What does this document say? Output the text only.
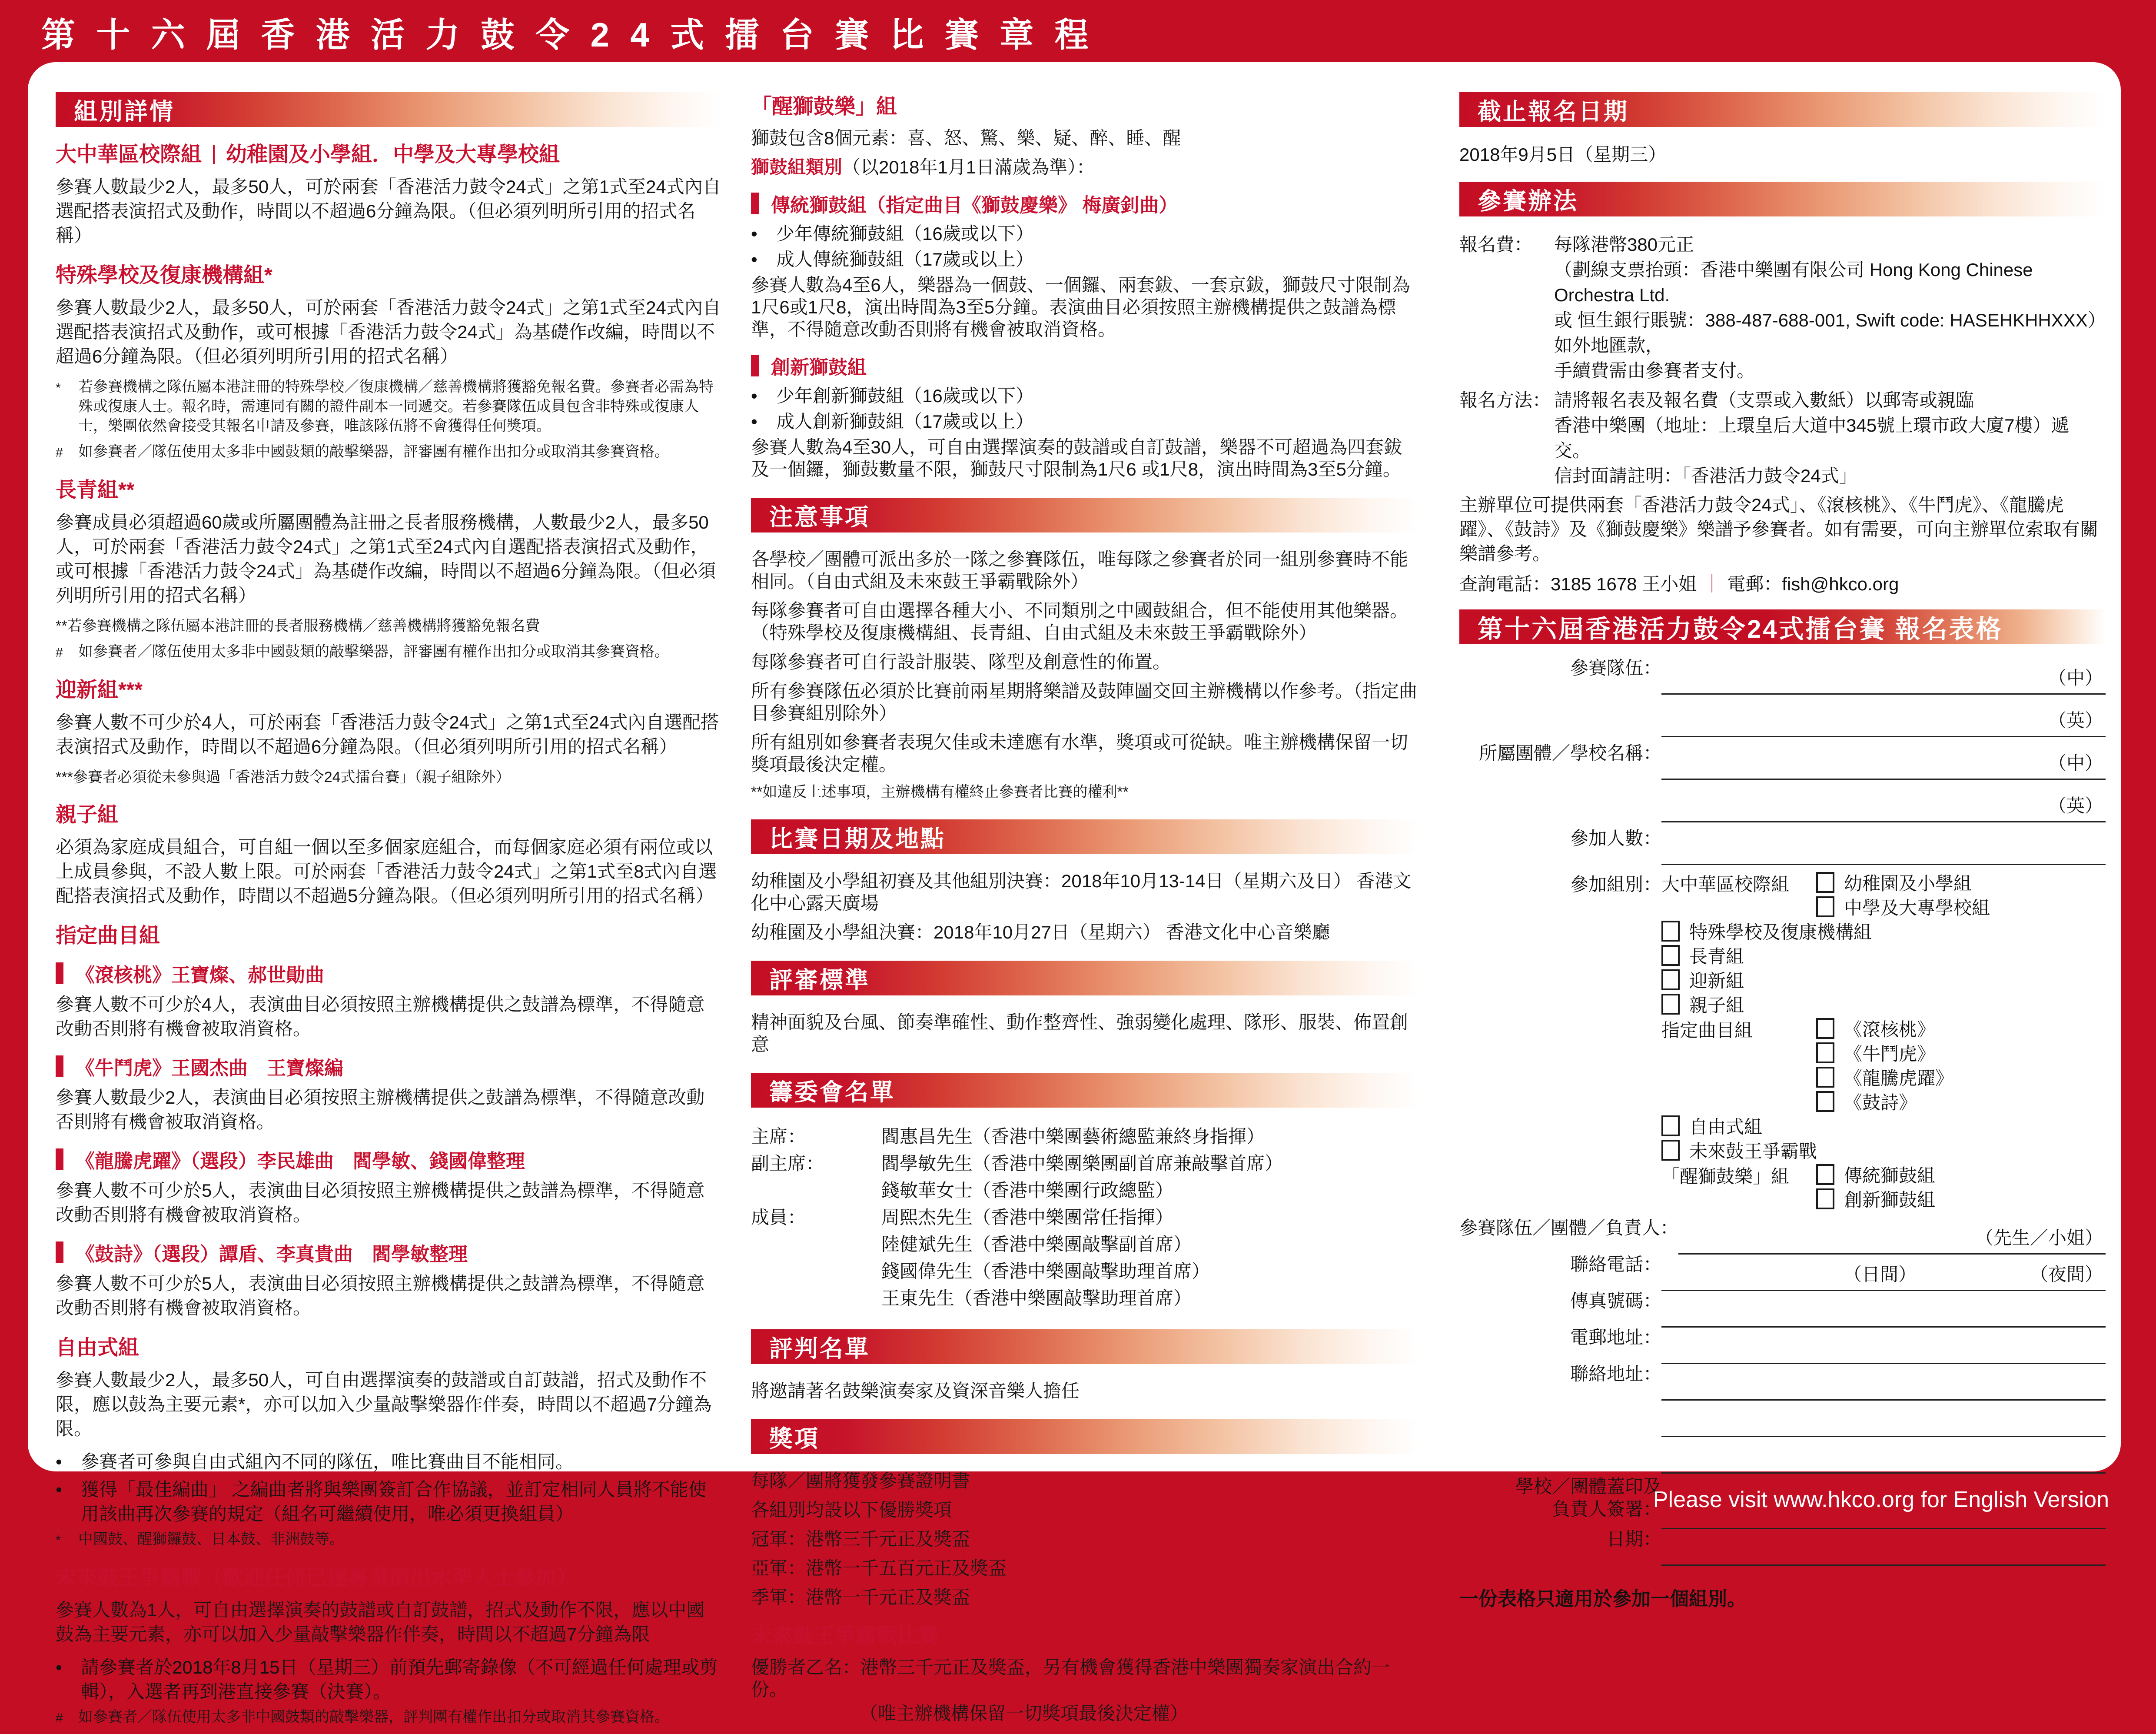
第十六屆香港活力鼓令24式擂台賽比賽章程
組別詳情
大中華區校際組 幼稚園及小學組．中學及大專學校組

參賽人數最少2人，最多50人，可於兩套「香港活力鼓令24式」之第1式至24式內自選配搭表演招式及動作，時間以不超過6分鐘為限。（但必須列明所引用的招式名稱）

特殊學校及復康機構組*

參賽人數最少2人，最多50人，可於兩套「香港活力鼓令24式」之第1式至24式內自選配搭表演招式及動作，或可根據「香港活力鼓令24式」為基礎作改編，時間以不超過6分鐘為限。（但必須列明所引用的招式名稱）

*	若參賽機構之隊伍屬本港註冊的特殊學校／復康機構／慈善機構將獲豁免報名費。參賽者必需為特殊或復康人士。報名時，需連同有關的證件副本一同遞交。若參賽隊伍成員包含非特殊或復康人士，樂團依然會接受其報名申請及參賽，唯該隊伍將不會獲得任何獎項。
#	如參賽者／隊伍使用太多非中國鼓類的敲擊樂器，評審團有權作出扣分或取消其參賽資格。
長青組**

參賽成員必須超過60歲或所屬團體為註冊之長者服務機構，人數最少2人，最多50人，可於兩套「香港活力鼓令24式」之第1式至24式內自選配搭表演招式及動作，或可根據「香港活力鼓令24式」為基礎作改編，時間以不超過6分鐘為限。（但必須列明所引用的招式名稱）

**若參賽機構之隊伍屬本港註冊的長者服務機構／慈善機構將獲豁免報名費
#	如參賽者／隊伍使用太多非中國鼓類的敲擊樂器，評審團有權作出扣分或取消其參賽資格。
迎新組***

參賽人數不可少於4人，可於兩套「香港活力鼓令24式」之第1式至24式內自選配搭表演招式及動作，時間以不超過6分鐘為限。（但必須列明所引用的招式名稱）

***參賽者必須從未參與過「香港活力鼓令24式擂台賽」（親子組除外）
親子組

必須為家庭成員組合，可自組一個以至多個家庭組合，而每個家庭必須有兩位或以上成員參與，不設人數上限。可於兩套「香港活力鼓令24式」之第1式至8式內自選配搭表演招式及動作，時間以不超過5分鐘為限。（但必須列明所引用的招式名稱）

指定曲目組
《滾核桃》王寶燦、郝世勛曲

參賽人數不可少於4人，表演曲目必須按照主辦機構提供之鼓譜為標準，不得隨意改動否則將有機會被取消資格。

《牛鬥虎》王國杰曲　王寶燦編

參賽人數最少2人，表演曲目必須按照主辦機構提供之鼓譜為標準，不得隨意改動否則將有機會被取消資格。

《龍騰虎躍》（選段）李民雄曲　閻學敏、錢國偉整理

參賽人數不可少於5人，表演曲目必須按照主辦機構提供之鼓譜為標準，不得隨意改動否則將有機會被取消資格。

《鼓詩》（選段）譚盾、李真貴曲　閻學敏整理

參賽人數不可少於5人，表演曲目必須按照主辦機構提供之鼓譜為標準，不得隨意改動否則將有機會被取消資格。

自由式組

參賽人數最少2人，最多50人，可自由選擇演奏的鼓譜或自訂鼓譜，招式及動作不限，應以鼓為主要元素*，亦可以加入少量敲擊樂器作伴奏，時間以不超過7分鐘為限。

•	參賽者可參與自由式組內不同的隊伍，唯比賽曲目不能相同。
•	獲得「最佳編曲」 之編曲者將與樂團簽訂合作協議，並訂定相同人員將不能使用該曲再次參賽的規定（組名可繼續使用，唯必須更換組員）
*	中國鼓、醒獅鑼鼓、日本鼓、非洲鼓等。
未來鼓王爭霸戰（歡迎任何已達專業演出水準人士參加）

參賽人數為1人，可自由選擇演奏的鼓譜或自訂鼓譜，招式及動作不限，應以中國鼓為主要元素，亦可以加入少量敲擊樂器作伴奏，時間以不超過7分鐘為限

•	請參賽者於2018年8月15日（星期三）前預先郵寄錄像（不可經過任何處理或剪輯），入選者再到港直接參賽（決賽）。
#	如參賽者／隊伍使用太多非中國鼓類的敲擊樂器，評判團有權作出扣分或取消其參賽資格。
「醒獅鼓樂」組

獅鼓包含8個元素：喜、怒、驚、樂、疑、醉、睡、醒

獅鼓組類別（以2018年1月1日滿歲為準）：

傳統獅鼓組（指定曲目《獅鼓慶樂》 梅廣釗曲）
•	少年傳統獅鼓組（16歲或以下）
•	成人傳統獅鼓組（17歲或以上）

參賽人數為4至6人，樂器為一個鼓、一個鑼、兩套鈸、一套京鈸，獅鼓尺寸限制為1尺6或1尺8，演出時間為3至5分鐘。表演曲目必須按照主辦機構提供之鼓譜為標準，不得隨意改動否則將有機會被取消資格。

創新獅鼓組
•	少年創新獅鼓組（16歲或以下）
•	成人創新獅鼓組（17歲或以上）

參賽人數為4至30人，可自由選擇演奏的鼓譜或自訂鼓譜，樂器不可超過為四套鈸及一個鑼，獅鼓數量不限，獅鼓尺寸限制為1尺6 或1尺8，演出時間為3至5分鐘。

注意事項

各學校／團體可派出多於一隊之參賽隊伍，唯每隊之參賽者於同一組別參賽時不能相同。（自由式組及未來鼓王爭霸戰除外）

每隊參賽者可自由選擇各種大小、不同類別之中國鼓組合，但不能使用其他樂器。（特殊學校及復康機構組、長青組、自由式組及未來鼓王爭霸戰除外）

每隊參賽者可自行設計服裝、隊型及創意性的佈置。

所有參賽隊伍必須於比賽前兩星期將樂譜及鼓陣圖交回主辦機構以作參考。（指定曲目參賽組別除外）

所有組別如參賽者表現欠佳或未達應有水準，獎項或可從缺。唯主辦機構保留一切獎項最後決定權。

**如違反上述事項，主辦機構有權終止參賽者比賽的權利**
比賽日期及地點

幼稚園及小學組初賽及其他組別決賽：2018年10月13-14日（星期六及日） 香港文化中心露天廣場

幼稚園及小學組決賽：2018年10月27日（星期六） 香港文化中心音樂廳

評審標準

精神面貌及台風、節奏準確性、動作整齊性、強弱變化處理、隊形、服裝、佈置創意

籌委會名單
主席：	閻惠昌先生（香港中樂團藝術總監兼終身指揮）
副主席：	閻學敏先生（香港中樂團樂團副首席兼敲擊首席）
錢敏華女士（香港中樂團行政總監）
成員：	周熙杰先生（香港中樂團常任指揮）
陸健斌先生（香港中樂團敲擊副首席）
錢國偉先生（香港中樂團敲擊助理首席）
王東先生（香港中樂團敲擊助理首席）
評判名單

將邀請著名鼓樂演奏家及資深音樂人擔任

獎項

每隊／團將獲發參賽證明書

各組別均設以下優勝獎項

冠軍：港幣三千元正及獎盃

亞軍：港幣一千五百元正及獎盃

季軍：港幣一千元正及獎盃

未來鼓王爭霸戰比賽

優勝者乙名：港幣三千元正及獎盃，另有機會獲得香港中樂團獨奏家演出合約一份。

（唯主辦機構保留一切獎項最後決定權）

截止報名日期

2018年9月5日（星期三）

參賽辦法
報名費：	每隊港幣380元正
（劃線支票抬頭：香港中樂團有限公司 Hong Kong Chinese Orchestra Ltd.
或 恒生銀行賬號：388-487-688-001, Swift code: HASEHKHHXXX）如外地匯款，
手續費需由參賽者支付。
報名方法： 請將報名表及報名費（支票或入數紙）以郵寄或親臨
香港中樂團（地址：上環皇后大道中345號上環市政大廈7樓）遞交。
信封面請註明：「香港活力鼓令24式」

主辦單位可提供兩套「香港活力鼓令24式」、《滾核桃》、《牛鬥虎》、《龍騰虎躍》、《鼓詩》及《獅鼓慶樂》樂譜予參賽者。如有需要，可向主辦單位索取有關樂譜參考。

查詢電話：3185 1678 王小姐 ｜ 電郵：fish@hkco.org

第十六屆香港活力鼓令24式擂台賽 報名表格
參賽隊伍：	（中）
（英）
所屬團體／學校名稱：	（中）
（英）
參加人數：
參加組別： 大中華區校際組	幼稚園及小學組
中學及大專學校組
特殊學校及復康機構組
長青組
迎新組
親子組
指定曲目組	《滾核桃》
《牛鬥虎》
《龍騰虎躍》
《鼓詩》
自由式組
未來鼓王爭霸戰
「醒獅鼓樂」組	傳統獅鼓組
創新獅鼓組
參賽隊伍／團體／負責人：	（先生／小姐）
聯絡電話：	（日間）	（夜間）
傳真號碼：
電郵地址：
聯絡地址：
學校／團體蓋印及
負責人簽署：
日期：
一份表格只適用於參加一個組別。
Please visit www.hkco.org for English Version
